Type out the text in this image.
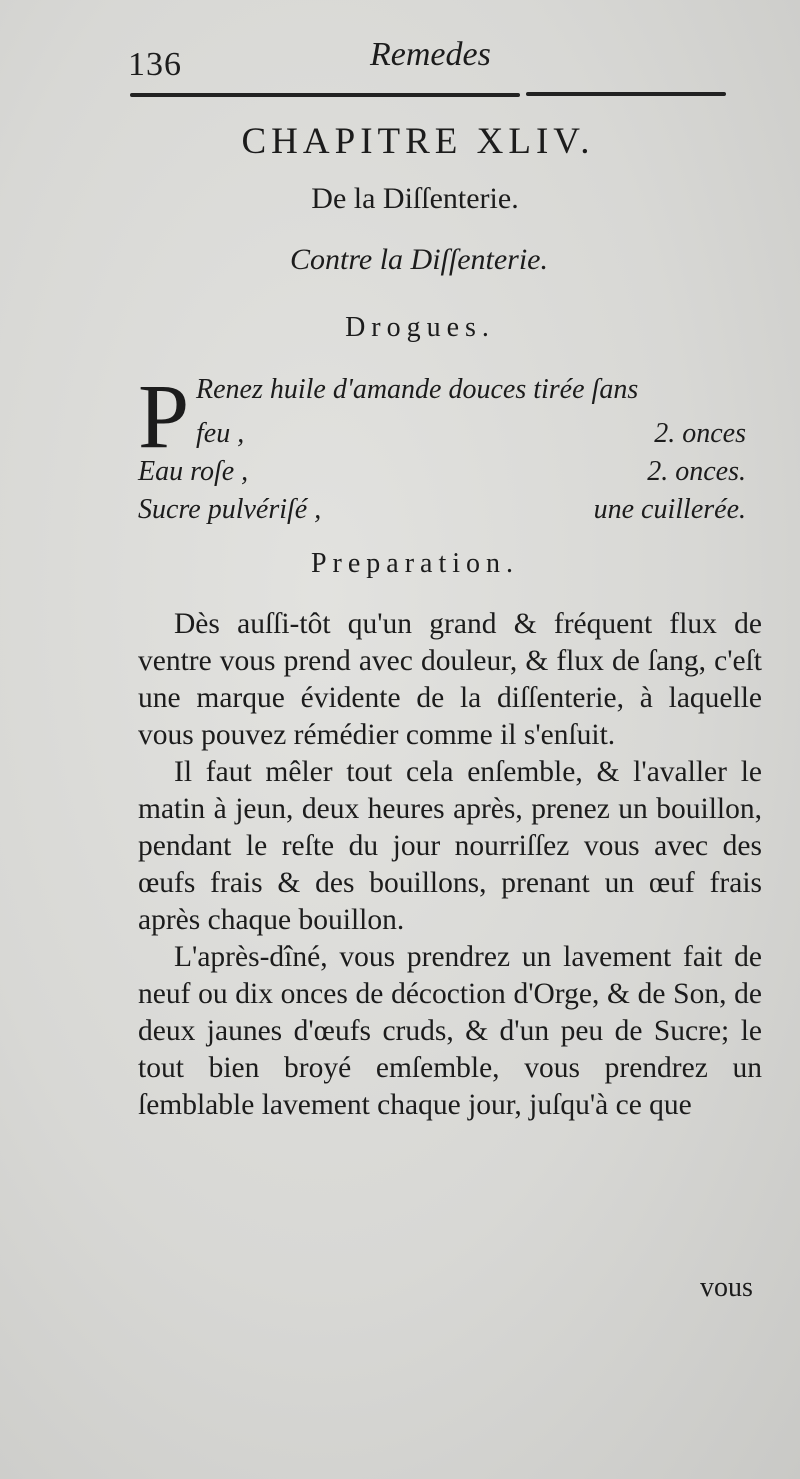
136	Remedes
CHAPITRE XLIV.
De la Diſſenterie.
Contre la Diſſenterie.
Drogues.
P Renez huile d'amande douces tirée ſans
feu ,	2. onces
Eau roſe ,	2. onces.
Sucre pulvériſé ,	une cuillerée.
Preparation.

Dès auſſi-tôt qu'un grand & fréquent flux de ventre vous prend avec douleur, & flux de ſang, c'eſt une marque évidente de la diſſenterie, à laquelle vous pouvez rémédier comme il s'enſuit.

Il faut mêler tout cela enſemble, & l'avaller le matin à jeun, deux heures après, prenez un bouillon, pendant le reſte du jour nourriſſez vous avec des œufs frais & des bouillons, prenant un œuf frais après chaque bouillon.

L'après-dîné, vous prendrez un lavement fait de neuf ou dix onces de décoction d'Orge, & de Son, de deux jaunes d'œufs cruds, & d'un peu de Sucre; le tout bien broyé emſemble, vous prendrez un ſemblable lavement chaque jour, juſqu'à ce que

vous
